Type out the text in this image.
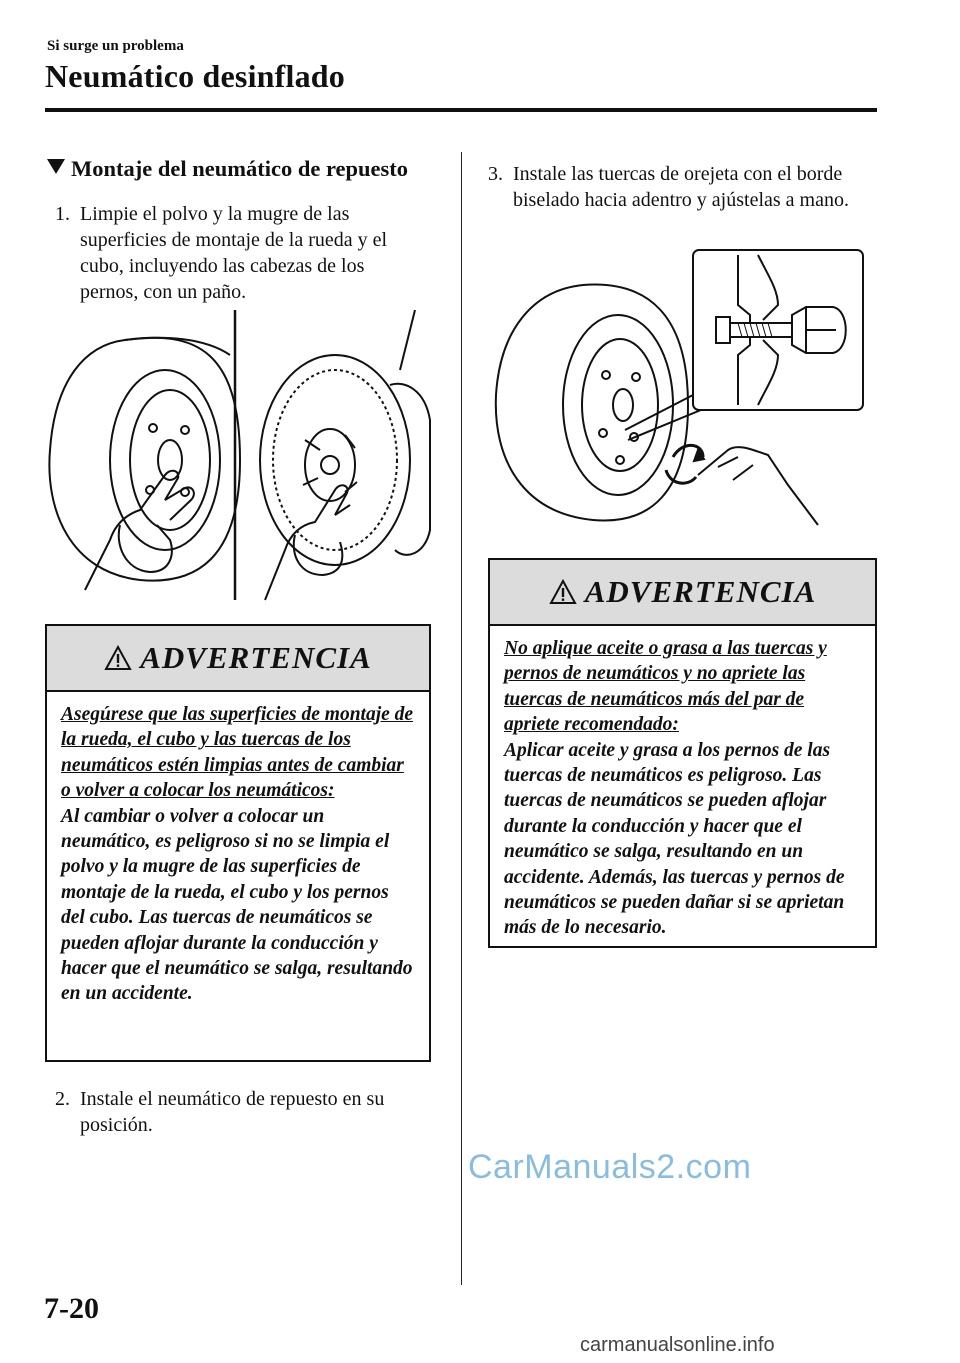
Si surge un problema
Neumático desinflado
Montaje del neumático de repuesto
1. Limpie el polvo y la mugre de las superficies de montaje de la rueda y el cubo, incluyendo las cabezas de los pernos, con un paño.
ADVERTENCIA
Asegúrese que las superficies de montaje de la rueda, el cubo y las tuercas de los neumáticos estén limpias antes de cambiar o volver a colocar los neumáticos:
Al cambiar o volver a colocar un neumático, es peligroso si no se limpia el polvo y la mugre de las superficies de montaje de la rueda, el cubo y los pernos del cubo. Las tuercas de neumáticos se pueden aflojar durante la conducción y hacer que el neumático se salga, resultando en un accidente.
2. Instale el neumático de repuesto en su posición.
3. Instale las tuercas de orejeta con el borde biselado hacia adentro y ajústelas a mano.
ADVERTENCIA
No aplique aceite o grasa a las tuercas y pernos de neumáticos y no apriete las tuercas de neumáticos más del par de apriete recomendado:
Aplicar aceite y grasa a los pernos de las tuercas de neumáticos es peligroso. Las tuercas de neumáticos se pueden aflojar durante la conducción y hacer que el neumático se salga, resultando en un accidente. Además, las tuercas y pernos de neumáticos se pueden dañar si se aprietan más de lo necesario.
CarManuals2.com
7-20
carmanualsonline.info
